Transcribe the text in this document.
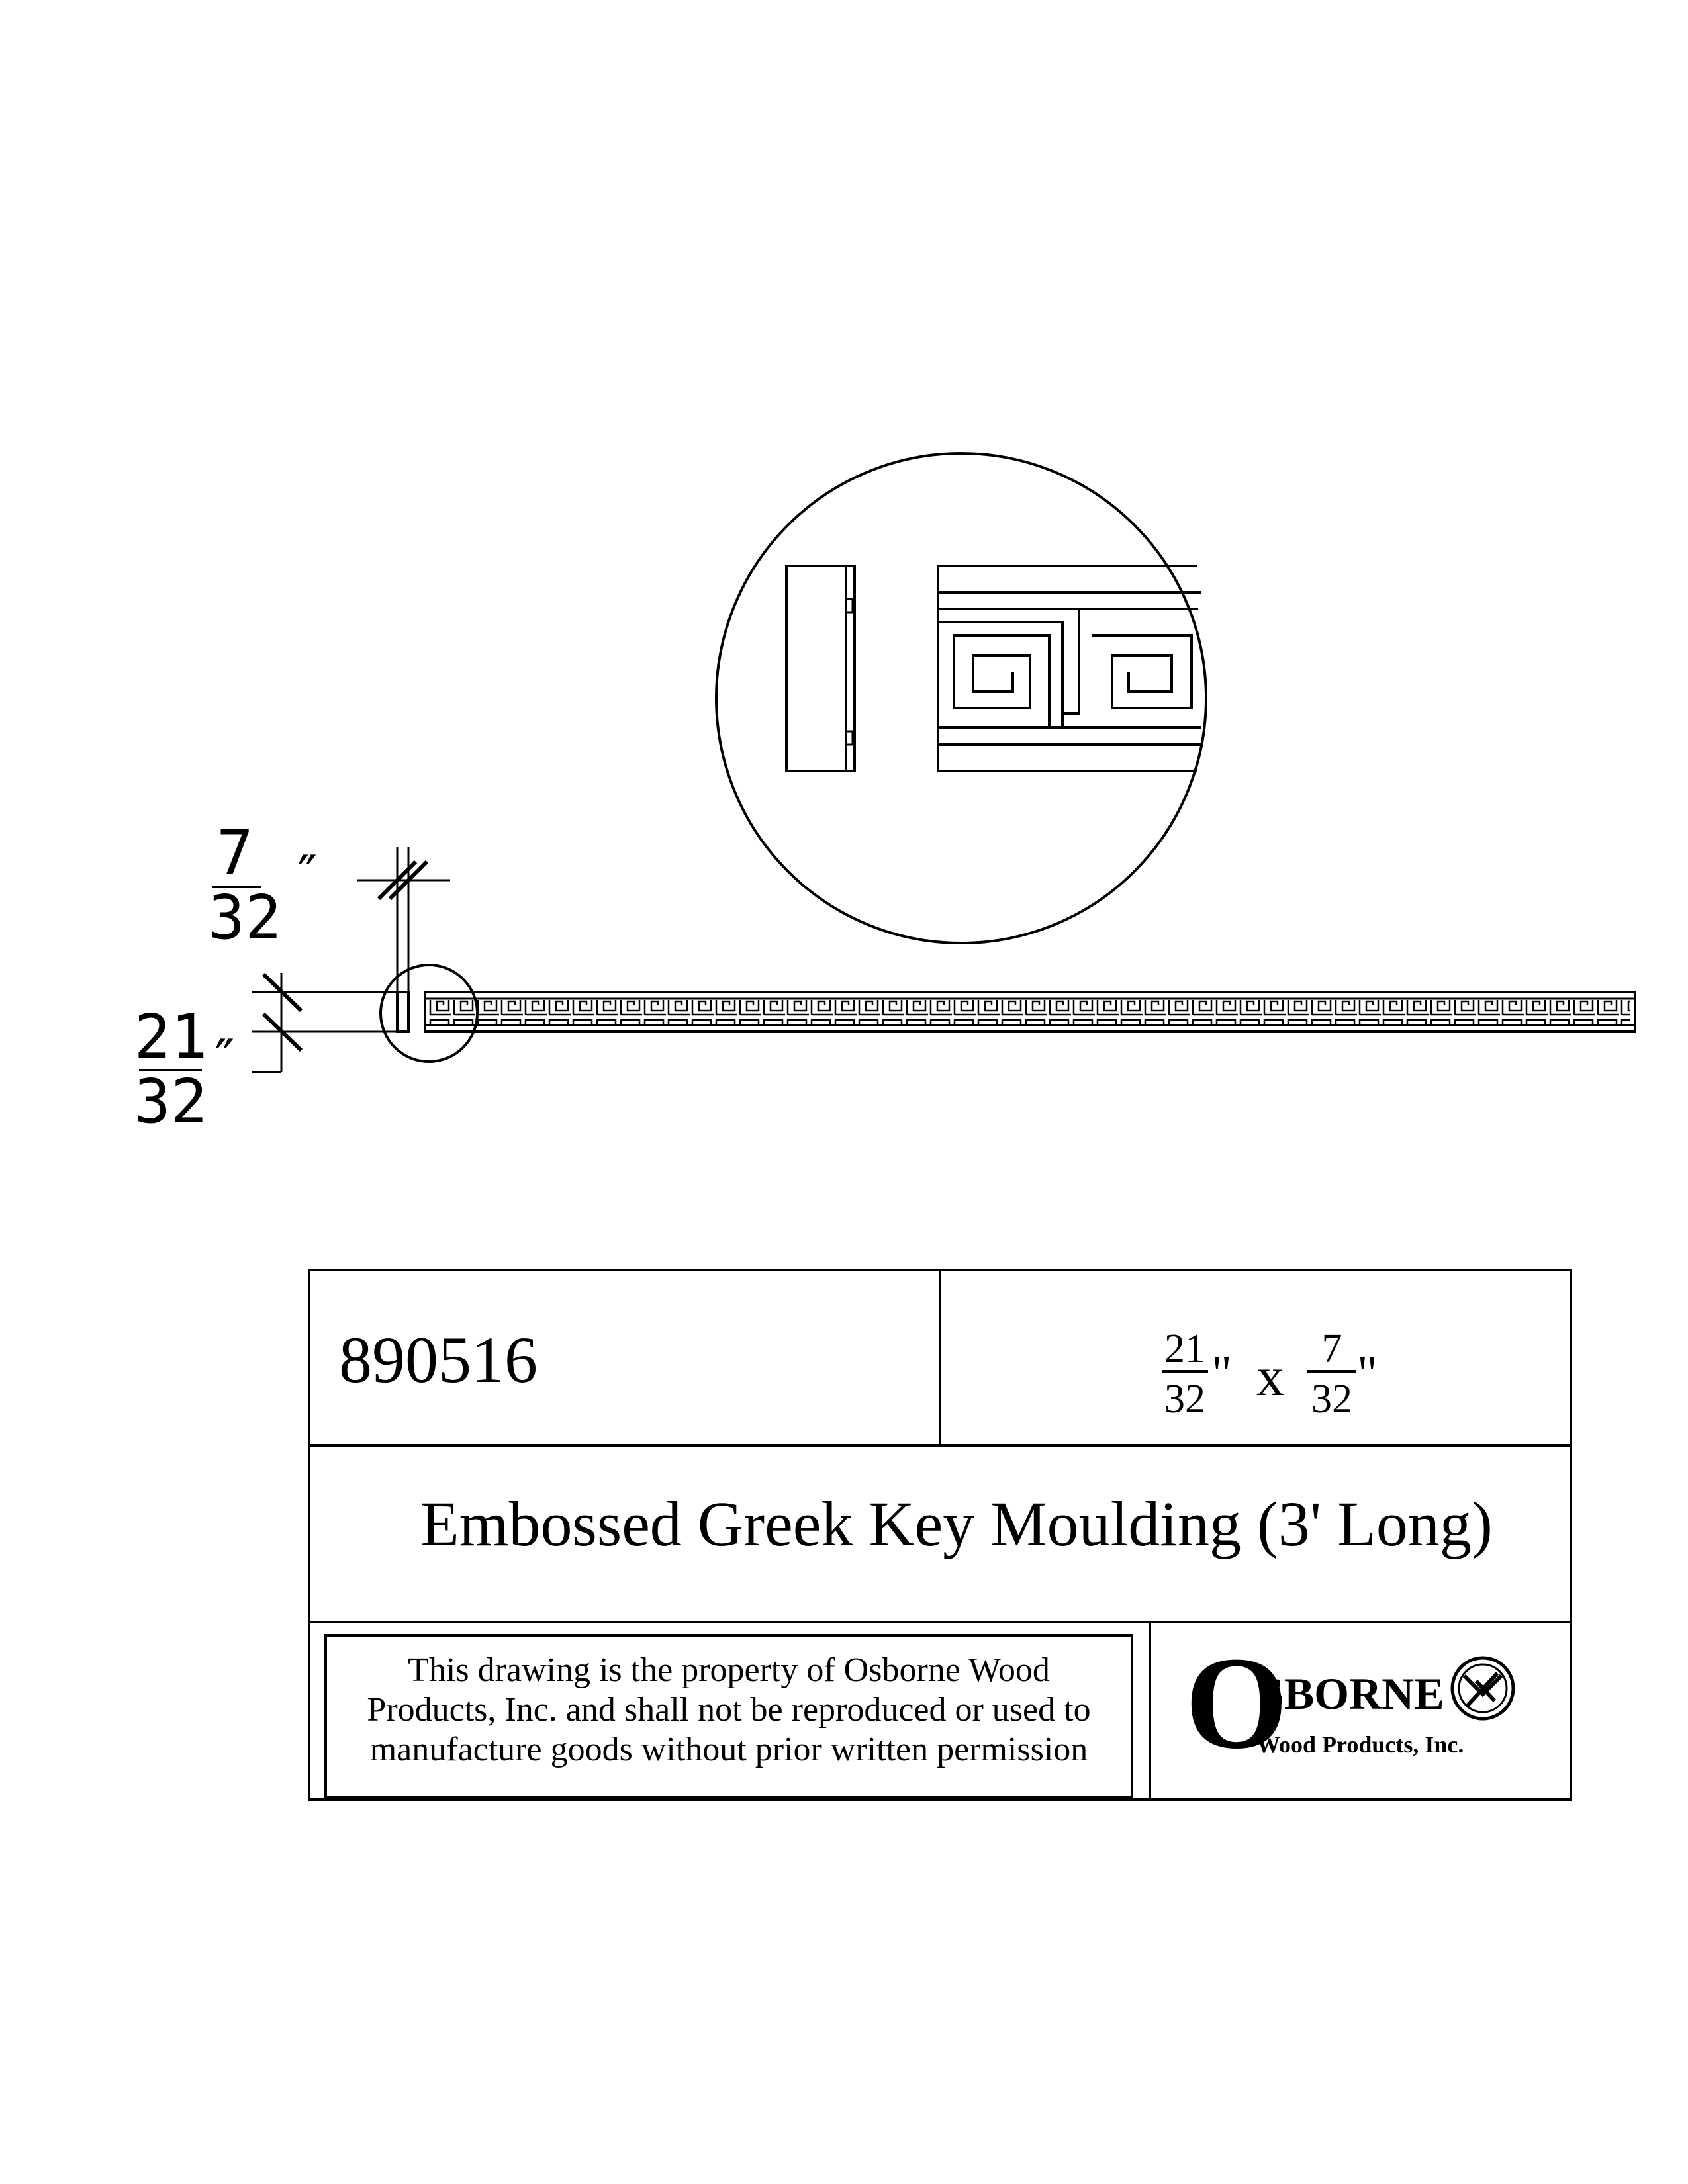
7
32
″
21
32
″
890516	21
32 " x 7
32 "
Embossed Greek Key Moulding (3' Long)
This drawing is the property of Osborne Wood
Products, Inc. and shall not be reproduced or used to
manufacture goods without prior written permission O
SBORNE
Wood Products, Inc.
